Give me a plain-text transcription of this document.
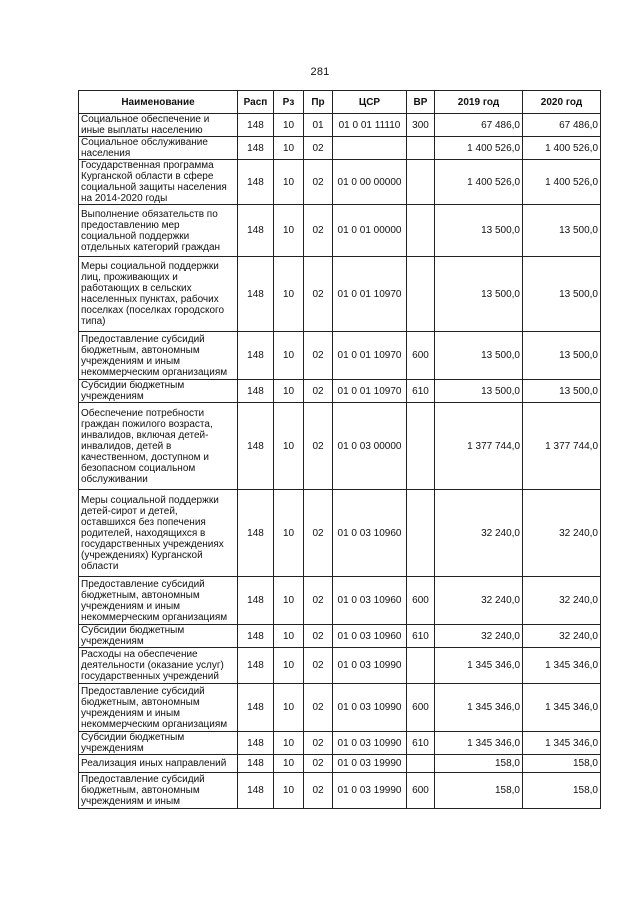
281
Наименование	Расп	Рз	Пр	ЦСР	ВР	2019 год	2020 год
Социальное обеспечение и иные выплаты населению	148	10	01	01 0 01 11110	300	67 486,0	67 486,0
Социальное обслуживание населения	148	10	02			1 400 526,0	1 400 526,0
Государственная программа Курганской области в сфере социальной защиты населения на 2014-2020 годы	148	10	02	01 0 00 00000		1 400 526,0	1 400 526,0
Выполнение обязательств по предоставлению мер социальной поддержки отдельных категорий граждан	148	10	02	01 0 01 00000		13 500,0	13 500,0
Меры социальной поддержки лиц, проживающих и работающих в сельских населенных пунктах, рабочих поселках (поселках городского типа)	148	10	02	01 0 01 10970		13 500,0	13 500,0
Предоставление субсидий бюджетным, автономным учреждениям и иным некоммерческим организациям	148	10	02	01 0 01 10970	600	13 500,0	13 500,0
Субсидии бюджетным учреждениям	148	10	02	01 0 01 10970	610	13 500,0	13 500,0
Обеспечение потребности граждан пожилого возраста, инвалидов, включая детей-инвалидов, детей в качественном, доступном и безопасном социальном обслуживании	148	10	02	01 0 03 00000		1 377 744,0	1 377 744,0
Меры социальной поддержки детей-сирот и детей, оставшихся без попечения родителей, находящихся в государственных учреждениях (учреждениях) Курганской области	148	10	02	01 0 03 10960		32 240,0	32 240,0
Предоставление субсидий бюджетным, автономным учреждениям и иным некоммерческим организациям	148	10	02	01 0 03 10960	600	32 240,0	32 240,0
Субсидии бюджетным учреждениям	148	10	02	01 0 03 10960	610	32 240,0	32 240,0
Расходы на обеспечение деятельности (оказание услуг) государственных учреждений	148	10	02	01 0 03 10990		1 345 346,0	1 345 346,0
Предоставление субсидий бюджетным, автономным учреждениям и иным некоммерческим организациям	148	10	02	01 0 03 10990	600	1 345 346,0	1 345 346,0
Субсидии бюджетным учреждениям	148	10	02	01 0 03 10990	610	1 345 346,0	1 345 346,0
Реализация иных направлений	148	10	02	01 0 03 19990		158,0	158,0
Предоставление субсидий бюджетным, автономным учреждениям и иным	148	10	02	01 0 03 19990	600	158,0	158,0
